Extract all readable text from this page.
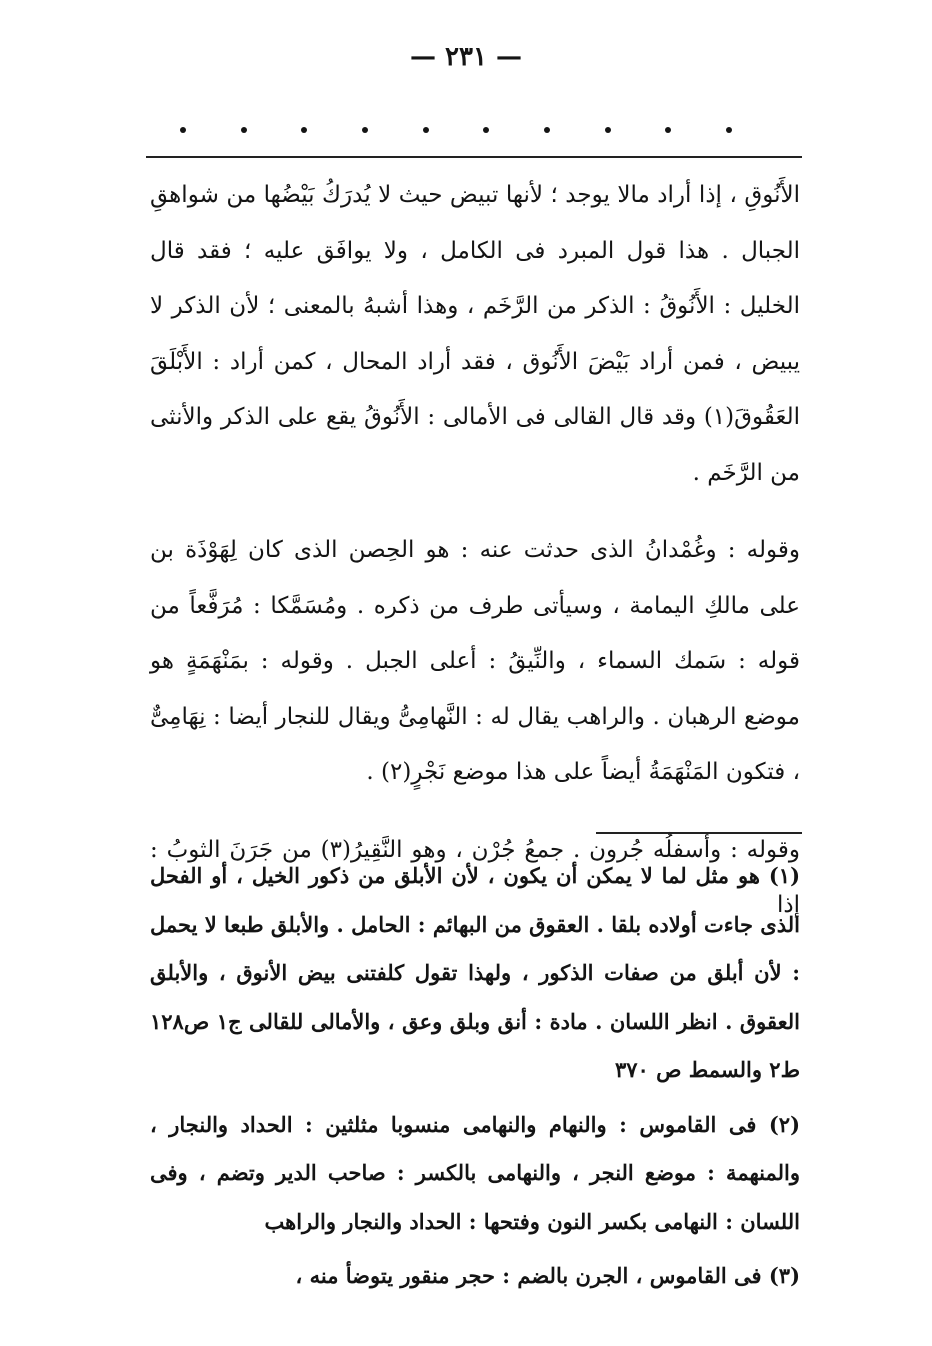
— ٢٣١ —

الأَنُوقِ ، إذا أراد مالا يوجد ؛ لأنها تبيض حيث لا يُدرَكُ بَيْضُها من شواهقِ الجبال . هذا قول المبرد فى الكامل ، ولا يوافَق عليه ؛ فقد قال الخليل : الأَنُوقُ : الذكر من الرَّخَم ، وهذا أشبهُ بالمعنى ؛ لأن الذكر لا يبيض ، فمن أراد بَيْضَ الأَنُوق ، فقد أراد المحال ، كمن أراد : الأَبْلَقَ العَقُوقَ(١) وقد قال القالى فى الأمالى : الأَنُوقُ يقع على الذكر والأنثى من الرَّخَم .

وقوله : وغُمْدانُ الذى حدثت عنه : هو الحِصن الذى كان لِهَوْذَة بن على مالكِ اليمامة ، وسيأتى طرف من ذكره . ومُسَمَّكا : مُرَفَّعاً من قوله : سَمك السماء ، والنِّيقُ : أعلى الجبل . وقوله : بمَنْهَمَةٍ هو موضع الرهبان . والراهب يقال له : النَّهامِىُّ ويقال للنجار أيضا : نِهَامِىٌّ ، فتكون المَنْهَمَةُ أيضاً على هذا موضع نَجْرٍ(٢) .

وقوله : وأسفلُه جُرون . جمعُ جُرْن ، وهو النَّقِيرُ(٣) من جَرَنَ الثوبُ : إذا

(١) هو مثل لما لا يمكن أن يكون ، لأن الأبلق من ذكور الخيل ، أو الفحل الذى جاءت أولاده بلقا . العقوق من البهائم : الحامل . والأبلق طبعا لا يحمل : لأن أبلق من صفات الذكور ، ولهذا تقول كلفتنى بيض الأنوق ، والأبلق العقوق . انظر اللسان . مادة : أنق وبلق وعق ، والأمالى للقالى ج١ ص١٢٨ ط٢ والسمط ص ٣٧٠

(٢) فى القاموس : والنهام والنهامى منسوبا مثلثين : الحداد والنجار ، والمنهمة : موضع النجر ، والنهامى بالكسر : صاحب الدير وتضم ، وفى اللسان : النهامى بكسر النون وفتحها : الحداد والنجار والراهب

(٣) فى القاموس ، الجرن بالضم : حجر منقور يتوضأ منه ،
